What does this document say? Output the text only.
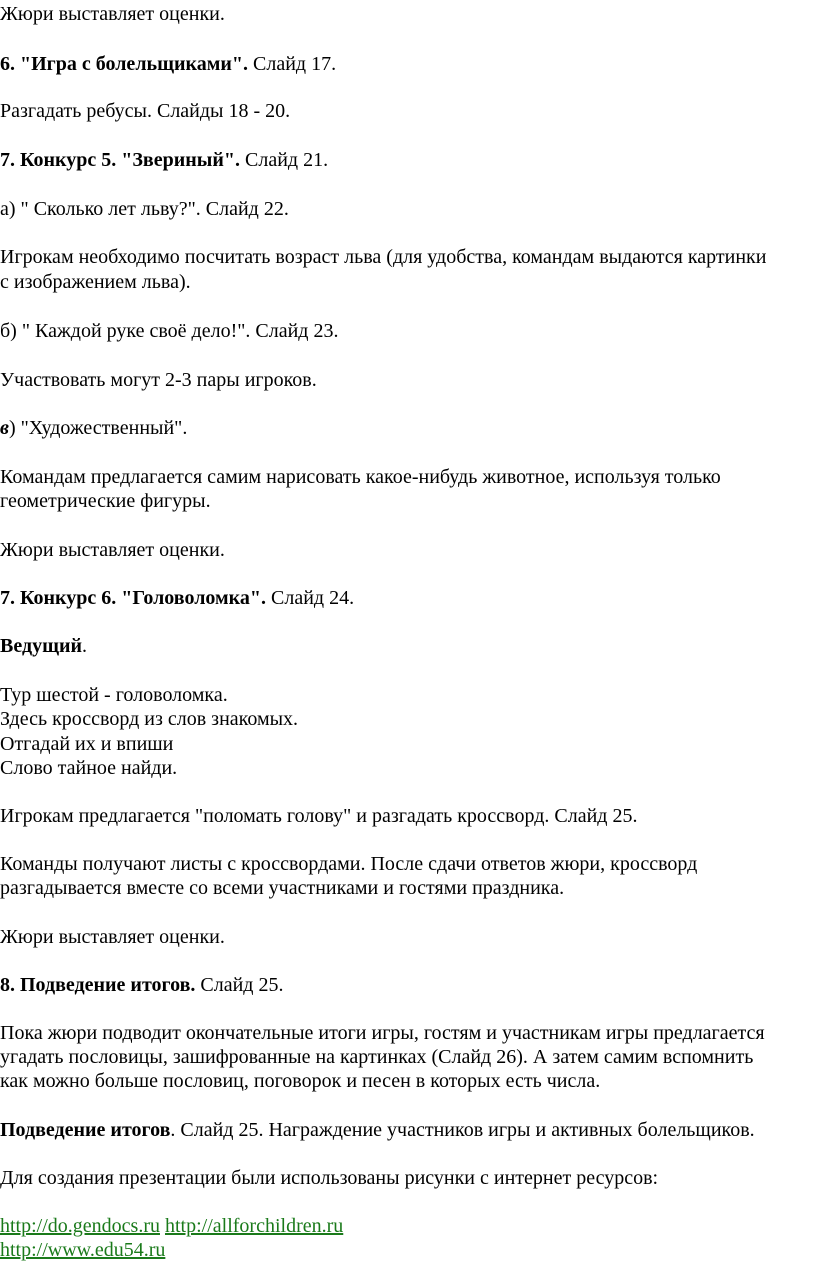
Жюри выставляет оценки.
6. "Игра с болельщиками". Слайд 17.
Разгадать ребусы. Слайды 18 - 20.
7. Конкурс 5. "Звериный". Слайд 21.
а) " Сколько лет льву?". Слайд 22.
Игрокам необходимо посчитать возраст льва (для удобства, командам выдаются картинки
с изображением льва).
б) " Каждой руке своё дело!". Слайд 23.
Участвовать могут 2-3 пары игроков.
в) "Художественный".
Командам предлагается самим нарисовать какое-нибудь животное, используя только
геометрические фигуры.
Жюри выставляет оценки.
7. Конкурс 6. "Головоломка". Слайд 24.
Ведущий.
Тур шестой - головоломка.
Здесь кроссворд из слов знакомых.
Отгадай их и впиши
Слово тайное найди.
Игрокам предлагается "поломать голову" и разгадать кроссворд. Слайд 25.
Команды получают листы с кроссвордами. После сдачи ответов жюри, кроссворд
разгадывается вместе со всеми участниками и гостями праздника.
Жюри выставляет оценки.
8. Подведение итогов. Слайд 25.
Пока жюри подводит окончательные итоги игры, гостям и участникам игры предлагается
угадать пословицы, зашифрованные на картинках (Слайд 26). А затем самим вспомнить
как можно больше пословиц, поговорок и песен в которых есть числа.
Подведение итогов. Слайд 25. Награждение участников игры и активных болельщиков.
Для создания презентации были использованы рисунки с интернет ресурсов:
http://do.gendocs.ru http://allforchildren.ru
http://www.edu54.ru
